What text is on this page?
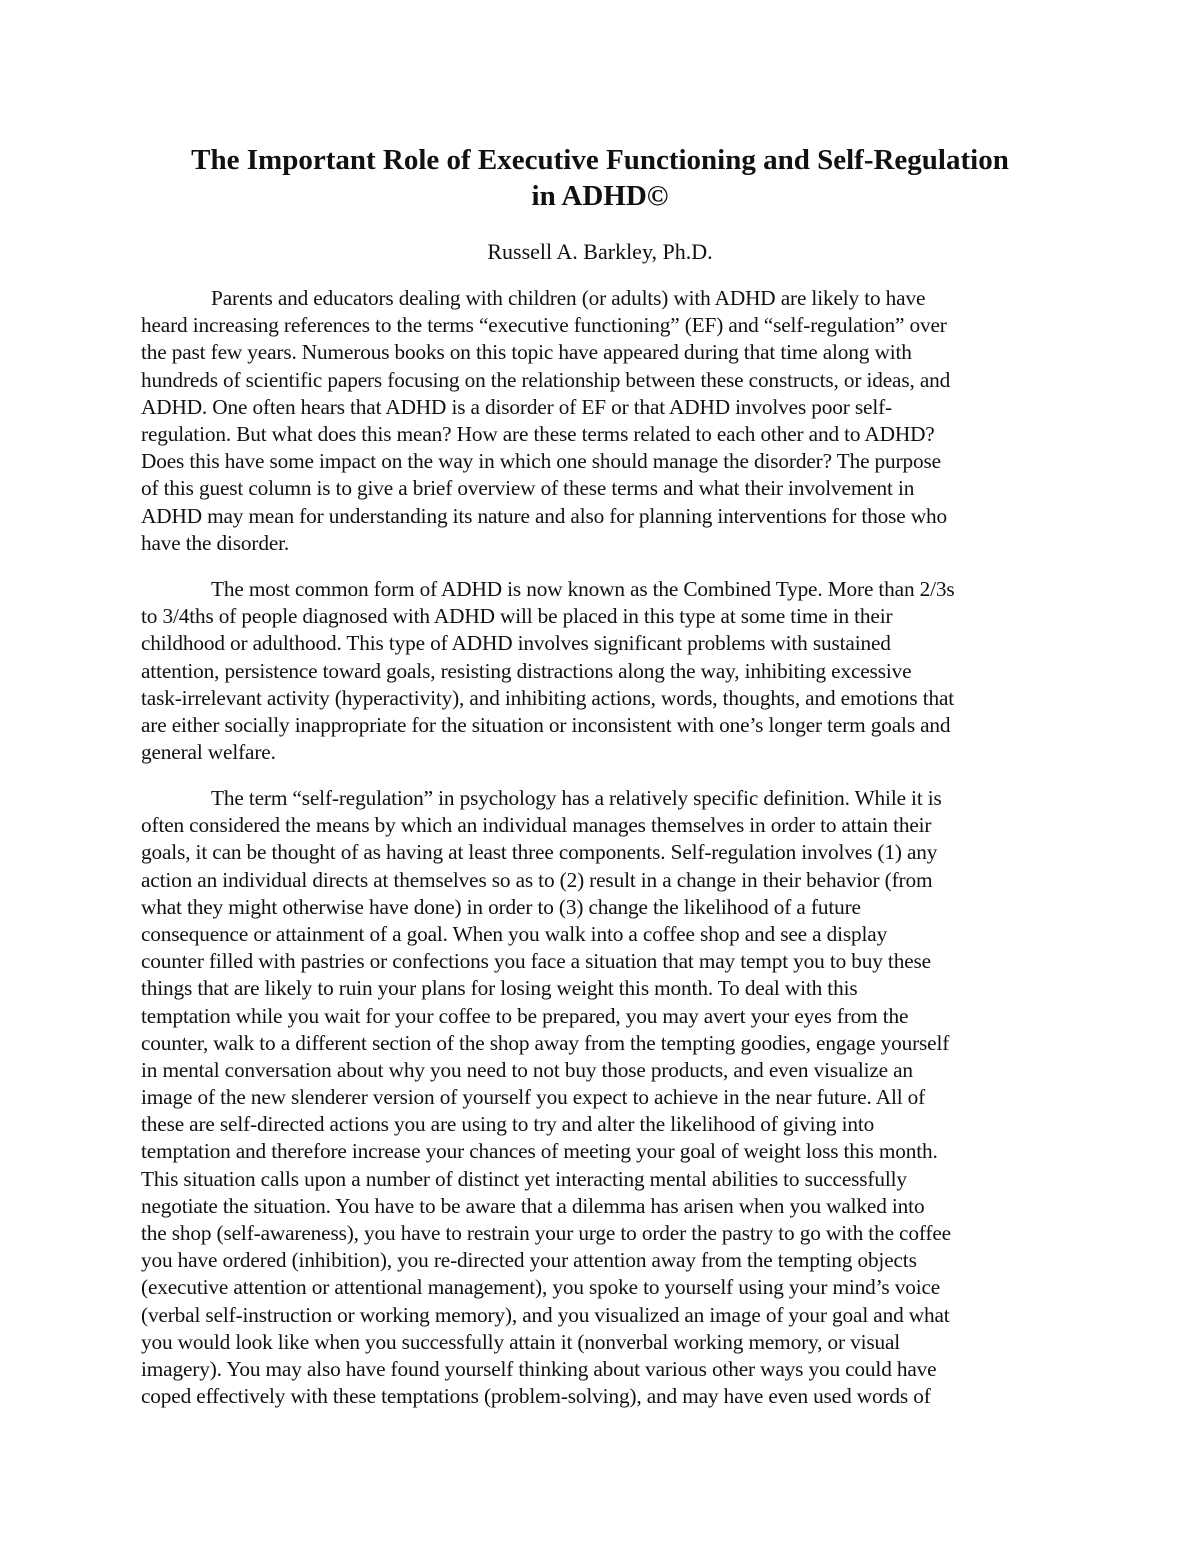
The Important Role of Executive Functioning and Self-Regulation
in ADHD©

Russell A. Barkley, Ph.D.

Parents and educators dealing with children (or adults) with ADHD are likely to have
heard increasing references to the terms “executive functioning” (EF) and “self-regulation” over
the past few years. Numerous books on this topic have appeared during that time along with
hundreds of scientific papers focusing on the relationship between these constructs, or ideas, and
ADHD. One often hears that ADHD is a disorder of EF or that ADHD involves poor self-
regulation. But what does this mean? How are these terms related to each other and to ADHD?
Does this have some impact on the way in which one should manage the disorder? The purpose
of this guest column is to give a brief overview of these terms and what their involvement in
ADHD may mean for understanding its nature and also for planning interventions for those who
have the disorder.
The most common form of ADHD is now known as the Combined Type. More than 2/3s
to 3/4ths of people diagnosed with ADHD will be placed in this type at some time in their
childhood or adulthood. This type of ADHD involves significant problems with sustained
attention, persistence toward goals, resisting distractions along the way, inhibiting excessive
task-irrelevant activity (hyperactivity), and inhibiting actions, words, thoughts, and emotions that
are either socially inappropriate for the situation or inconsistent with one’s longer term goals and
general welfare.
The term “self-regulation” in psychology has a relatively specific definition. While it is
often considered the means by which an individual manages themselves in order to attain their
goals, it can be thought of as having at least three components. Self-regulation involves (1) any
action an individual directs at themselves so as to (2) result in a change in their behavior (from
what they might otherwise have done) in order to (3) change the likelihood of a future
consequence or attainment of a goal. When you walk into a coffee shop and see a display
counter filled with pastries or confections you face a situation that may tempt you to buy these
things that are likely to ruin your plans for losing weight this month. To deal with this
temptation while you wait for your coffee to be prepared, you may avert your eyes from the
counter, walk to a different section of the shop away from the tempting goodies, engage yourself
in mental conversation about why you need to not buy those products, and even visualize an
image of the new slenderer version of yourself you expect to achieve in the near future. All of
these are self-directed actions you are using to try and alter the likelihood of giving into
temptation and therefore increase your chances of meeting your goal of weight loss this month.
This situation calls upon a number of distinct yet interacting mental abilities to successfully
negotiate the situation. You have to be aware that a dilemma has arisen when you walked into
the shop (self-awareness), you have to restrain your urge to order the pastry to go with the coffee
you have ordered (inhibition), you re-directed your attention away from the tempting objects
(executive attention or attentional management), you spoke to yourself using your mind’s voice
(verbal self-instruction or working memory), and you visualized an image of your goal and what
you would look like when you successfully attain it (nonverbal working memory, or visual
imagery). You may also have found yourself thinking about various other ways you could have
coped effectively with these temptations (problem-solving), and may have even used words of
